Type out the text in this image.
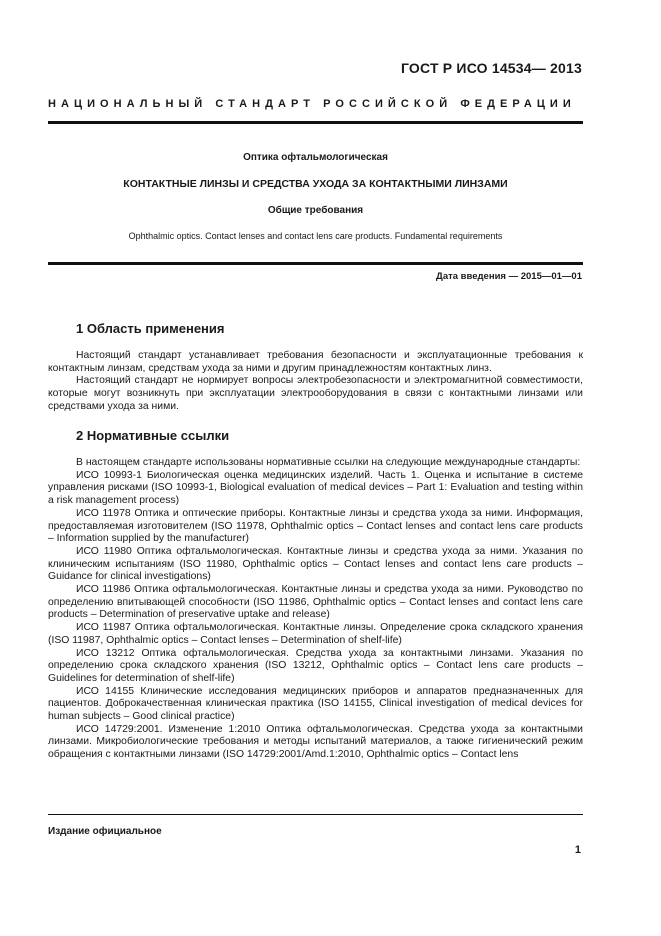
ГОСТ Р ИСО 14534— 2013
НАЦИОНАЛЬНЫЙ СТАНДАРТ РОССИЙСКОЙ ФЕДЕРАЦИИ
Оптика офтальмологическая
КОНТАКТНЫЕ ЛИНЗЫ И СРЕДСТВА УХОДА ЗА КОНТАКТНЫМИ ЛИНЗАМИ
Общие требования
Ophthalmic optics. Contact lenses and contact lens care products. Fundamental requirements
Дата введения — 2015—01—01
1 Область применения

Настоящий стандарт устанавливает требования безопасности и эксплуатационные требования к контактным линзам, средствам ухода за ними и другим принадлежностям контактных линз.

Настоящий стандарт не нормирует вопросы электробезопасности и электромагнитной совместимости, которые могут возникнуть при эксплуатации электрооборудования в связи с контактными линзами или средствами ухода за ними.

2 Нормативные ссылки

В настоящем стандарте использованы нормативные ссылки на следующие международные стандарты:

ИСО 10993-1 Биологическая оценка медицинских изделий. Часть 1. Оценка и испытание в системе управления рисками (ISO 10993-1, Biological evaluation of medical devices – Part 1: Evaluation and testing within a risk management process)

ИСО 11978 Оптика и оптические приборы. Контактные линзы и средства ухода за ними. Информация, предоставляемая изготовителем (ISO 11978, Ophthalmic optics – Contact lenses and contact lens care products – Information supplied by the manufacturer)

ИСО 11980 Оптика офтальмологическая. Контактные линзы и средства ухода за ними. Указания по клиническим испытаниям (ISO 11980, Ophthalmic optics – Contact lenses and contact lens care products – Guidance for clinical investigations)

ИСО 11986 Оптика офтальмологическая. Контактные линзы и средства ухода за ними. Руководство по определению впитывающей способности (ISO 11986, Ophthalmic optics – Contact lenses and contact lens care products – Determination of preservative uptake and release)

ИСО 11987 Оптика офтальмологическая. Контактные линзы. Определение срока складского хранения (ISO 11987, Ophthalmic optics – Contact lenses – Determination of shelf-life)

ИСО 13212 Оптика офтальмологическая. Средства ухода за контактными линзами. Указания по определению срока складского хранения (ISO 13212, Ophthalmic optics – Contact lens care products – Guidelines for determination of shelf-life)

ИСО 14155 Клинические исследования медицинских приборов и аппаратов предназначенных для пациентов. Доброкачественная клиническая практика (ISO 14155, Clinical investigation of medical devices for human subjects – Good clinical practice)

ИСО 14729:2001. Изменение 1:2010 Оптика офтальмологическая. Средства ухода за контактными линзами. Микробиологические требования и методы испытаний материалов, а также гигиенический режим обращения с контактными линзами (ISO 14729:2001/Amd.1:2010, Ophthalmic optics – Contact lens

Издание официальное
1
